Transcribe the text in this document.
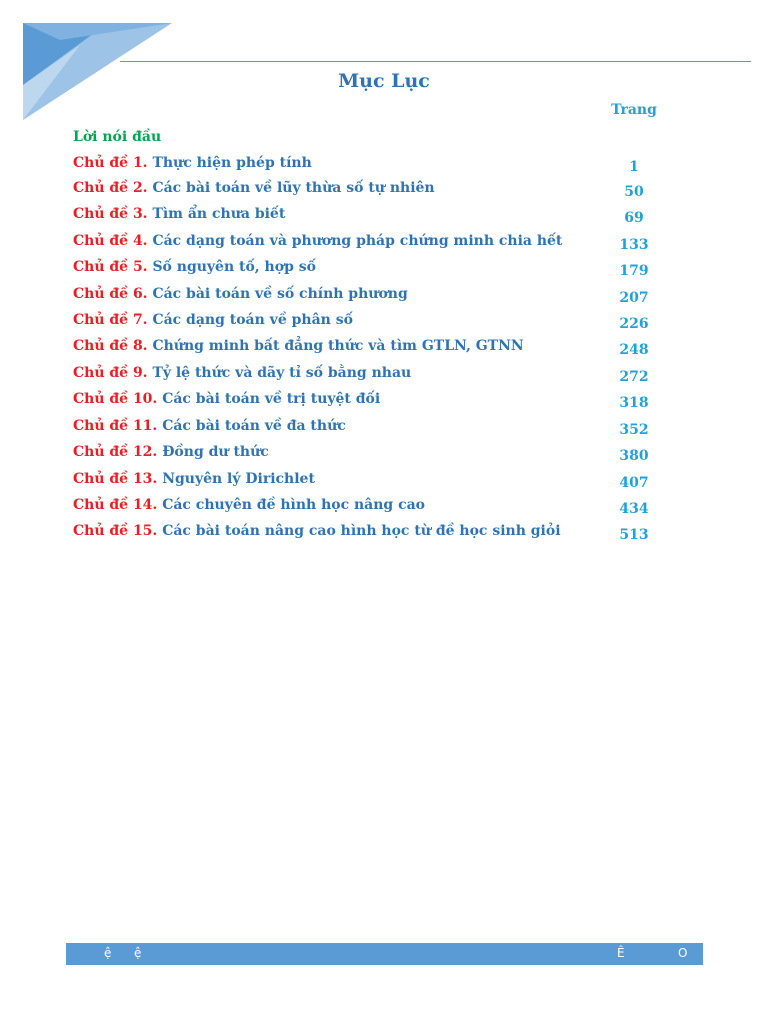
Mục Lục
Trang
Lời nói đầu
Chủ đề 1. Thực hiện phép tính	1
Chủ đề 2. Các bài toán về lũy thừa số tự nhiên	50
Chủ đề 3. Tìm ẩn chưa biết	69
Chủ đề 4. Các dạng toán và phương pháp chứng minh chia hết	133
Chủ đề 5. Số nguyên tố, hợp số	179
Chủ đề 6. Các bài toán về số chính phương	207
Chủ đề 7. Các dạng toán về phân số	226
Chủ đề 8. Chứng minh bất đẳng thức và tìm GTLN, GTNN	248
Chủ đề 9. Tỷ lệ thức và dãy tỉ số bằng nhau	272
Chủ đề 10. Các bài toán về trị tuyệt đối	318
Chủ đề 11. Các bài toán về đa thức	352
Chủ đề 12. Đồng dư thức	380
Chủ đề 13. Nguyên lý Dirichlet	407
Chủ đề 14. Các chuyên đề hình học nâng cao	434
Chủ đề 15. Các bài toán nâng cao hình học từ đề học sinh giỏi	513
ệ ệ	Ê	O
